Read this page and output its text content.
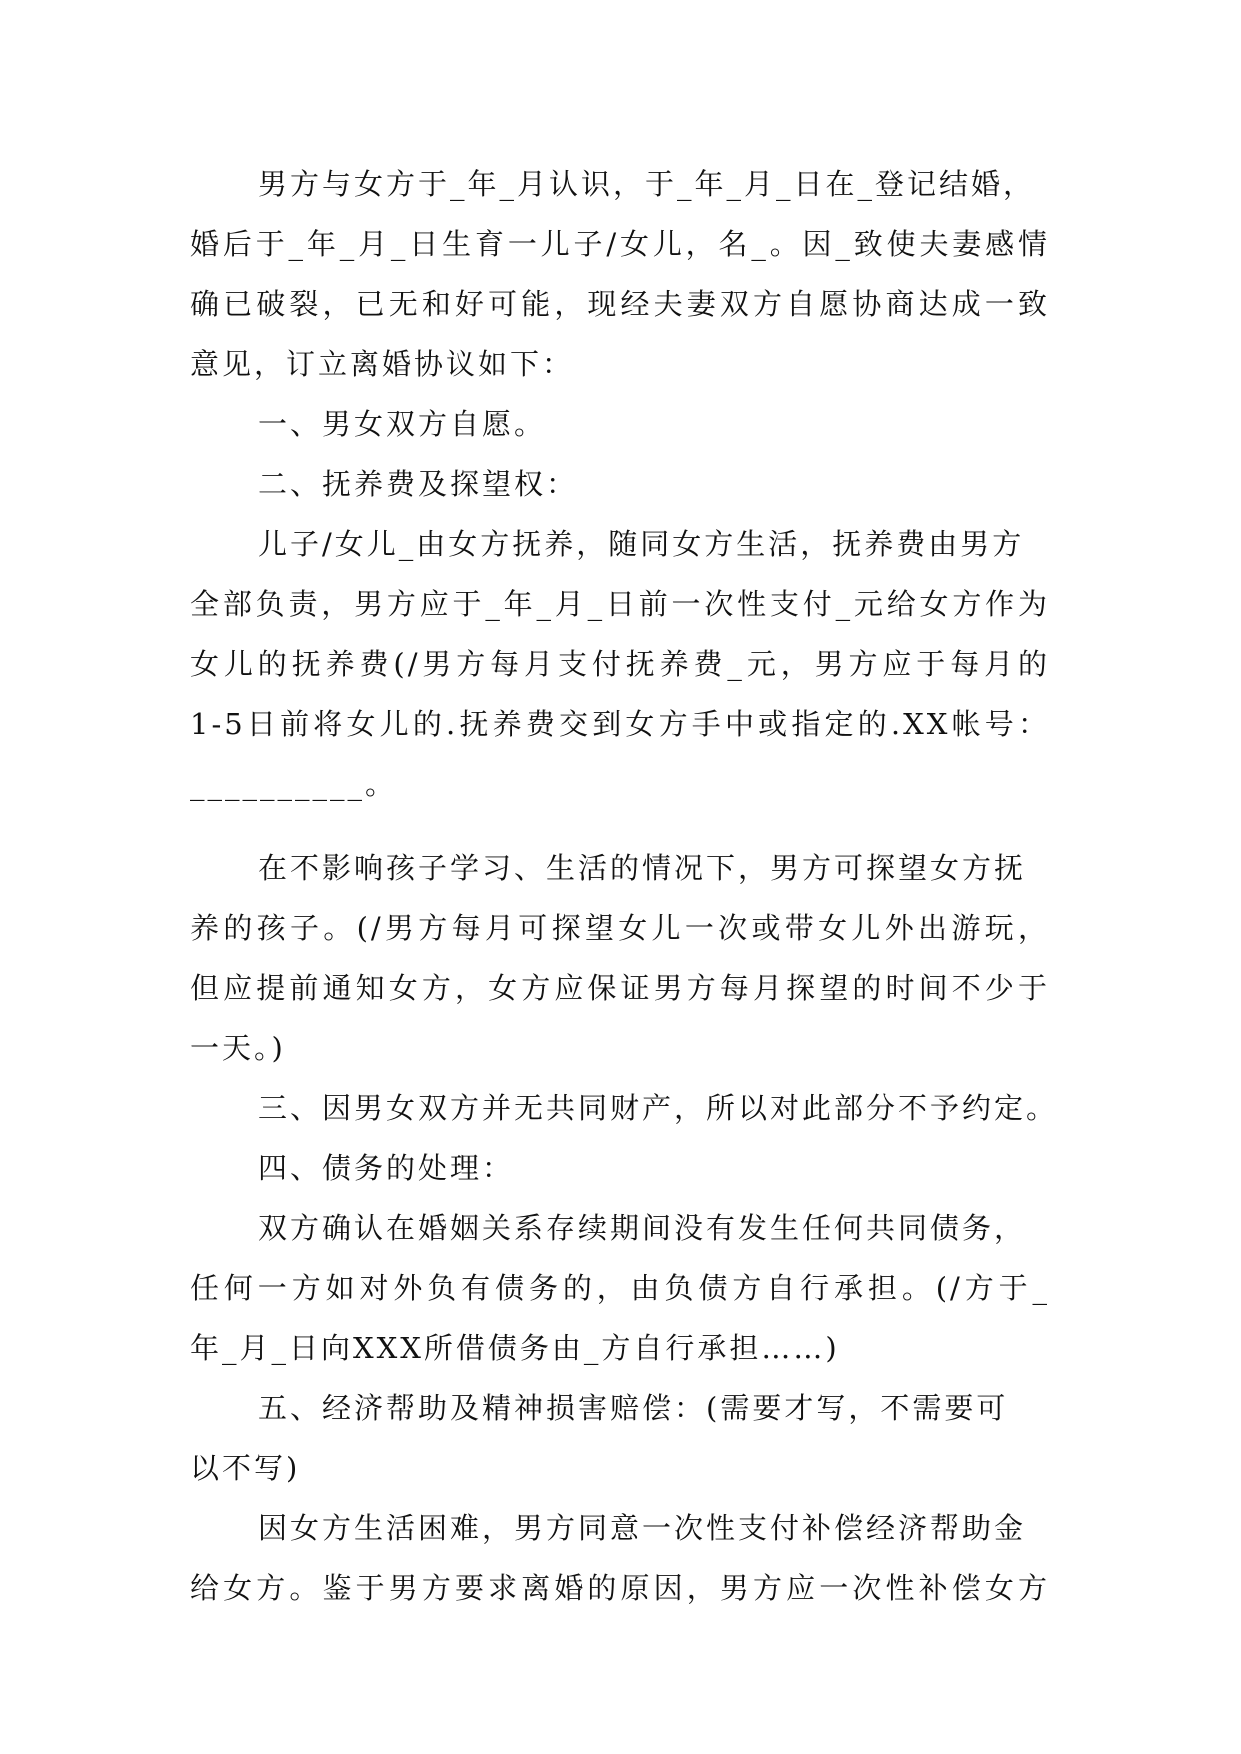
男方与女方于_年_月认识，于_年_月_日在_登记结婚，
婚后于_年_月_日生育一儿子/女儿，名_。因_致使夫妻感情
确已破裂，已无和好可能，现经夫妻双方自愿协商达成一致
意见，订立离婚协议如下：
一、男女双方自愿。
二、抚养费及探望权：
儿子/女儿_由女方抚养，随同女方生活，抚养费由男方
全部负责，男方应于_年_月_日前一次性支付_元给女方作为
女儿的抚养费(/男方每月支付抚养费_元，男方应于每月的
1-5日前将女儿的.抚养费交到女方手中或指定的.XX帐号：
__________。
在不影响孩子学习、生活的情况下，男方可探望女方抚
养的孩子。(/男方每月可探望女儿一次或带女儿外出游玩，
但应提前通知女方，女方应保证男方每月探望的时间不少于
一天。)
三、因男女双方并无共同财产，所以对此部分不予约定。
四、债务的处理：
双方确认在婚姻关系存续期间没有发生任何共同债务，
任何一方如对外负有债务的，由负债方自行承担。(/方于_
年_月_日向XXX所借债务由_方自行承担……)
五、经济帮助及精神损害赔偿：(需要才写，不需要可
以不写)
因女方生活困难，男方同意一次性支付补偿经济帮助金
给女方。鉴于男方要求离婚的原因，男方应一次性补偿女方
